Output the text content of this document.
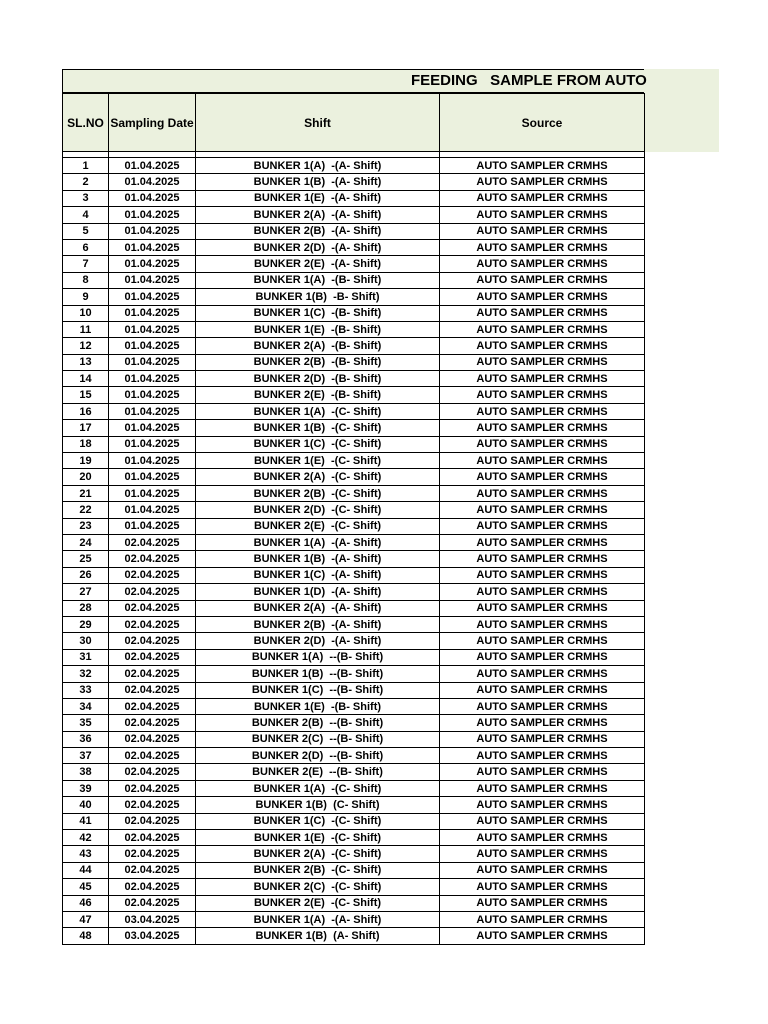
FEEDING   SAMPLE FROM AUTO
SL.NO	Sampling Date	Shift	Source

1	01.04.2025	BUNKER 1(A)  -(A- Shift)	AUTO SAMPLER CRMHS
2	01.04.2025	BUNKER 1(B)  -(A- Shift)	AUTO SAMPLER CRMHS
3	01.04.2025	BUNKER 1(E)  -(A- Shift)	AUTO SAMPLER CRMHS
4	01.04.2025	BUNKER 2(A)  -(A- Shift)	AUTO SAMPLER CRMHS
5	01.04.2025	BUNKER 2(B)  -(A- Shift)	AUTO SAMPLER CRMHS
6	01.04.2025	BUNKER 2(D)  -(A- Shift)	AUTO SAMPLER CRMHS
7	01.04.2025	BUNKER 2(E)  -(A- Shift)	AUTO SAMPLER CRMHS
8	01.04.2025	BUNKER 1(A)  -(B- Shift)	AUTO SAMPLER CRMHS
9	01.04.2025	BUNKER 1(B)  -B- Shift)	AUTO SAMPLER CRMHS
10	01.04.2025	BUNKER 1(C)  -(B- Shift)	AUTO SAMPLER CRMHS
11	01.04.2025	BUNKER 1(E)  -(B- Shift)	AUTO SAMPLER CRMHS
12	01.04.2025	BUNKER 2(A)  -(B- Shift)	AUTO SAMPLER CRMHS
13	01.04.2025	BUNKER 2(B)  -(B- Shift)	AUTO SAMPLER CRMHS
14	01.04.2025	BUNKER 2(D)  -(B- Shift)	AUTO SAMPLER CRMHS
15	01.04.2025	BUNKER 2(E)  -(B- Shift)	AUTO SAMPLER CRMHS
16	01.04.2025	BUNKER 1(A)  -(C- Shift)	AUTO SAMPLER CRMHS
17	01.04.2025	BUNKER 1(B)  -(C- Shift)	AUTO SAMPLER CRMHS
18	01.04.2025	BUNKER 1(C)  -(C- Shift)	AUTO SAMPLER CRMHS
19	01.04.2025	BUNKER 1(E)  -(C- Shift)	AUTO SAMPLER CRMHS
20	01.04.2025	BUNKER 2(A)  -(C- Shift)	AUTO SAMPLER CRMHS
21	01.04.2025	BUNKER 2(B)  -(C- Shift)	AUTO SAMPLER CRMHS
22	01.04.2025	BUNKER 2(D)  -(C- Shift)	AUTO SAMPLER CRMHS
23	01.04.2025	BUNKER 2(E)  -(C- Shift)	AUTO SAMPLER CRMHS
24	02.04.2025	BUNKER 1(A)  -(A- Shift)	AUTO SAMPLER CRMHS
25	02.04.2025	BUNKER 1(B)  -(A- Shift)	AUTO SAMPLER CRMHS
26	02.04.2025	BUNKER 1(C)  -(A- Shift)	AUTO SAMPLER CRMHS
27	02.04.2025	BUNKER 1(D)  -(A- Shift)	AUTO SAMPLER CRMHS
28	02.04.2025	BUNKER 2(A)  -(A- Shift)	AUTO SAMPLER CRMHS
29	02.04.2025	BUNKER 2(B)  -(A- Shift)	AUTO SAMPLER CRMHS
30	02.04.2025	BUNKER 2(D)  -(A- Shift)	AUTO SAMPLER CRMHS
31	02.04.2025	BUNKER 1(A)  --(B- Shift)	AUTO SAMPLER CRMHS
32	02.04.2025	BUNKER 1(B)  --(B- Shift)	AUTO SAMPLER CRMHS
33	02.04.2025	BUNKER 1(C)  --(B- Shift)	AUTO SAMPLER CRMHS
34	02.04.2025	BUNKER 1(E)  -(B- Shift)	AUTO SAMPLER CRMHS
35	02.04.2025	BUNKER 2(B)  --(B- Shift)	AUTO SAMPLER CRMHS
36	02.04.2025	BUNKER 2(C)  --(B- Shift)	AUTO SAMPLER CRMHS
37	02.04.2025	BUNKER 2(D)  --(B- Shift)	AUTO SAMPLER CRMHS
38	02.04.2025	BUNKER 2(E)  --(B- Shift)	AUTO SAMPLER CRMHS
39	02.04.2025	BUNKER 1(A)  -(C- Shift)	AUTO SAMPLER CRMHS
40	02.04.2025	BUNKER 1(B)  (C- Shift)	AUTO SAMPLER CRMHS
41	02.04.2025	BUNKER 1(C)  -(C- Shift)	AUTO SAMPLER CRMHS
42	02.04.2025	BUNKER 1(E)  -(C- Shift)	AUTO SAMPLER CRMHS
43	02.04.2025	BUNKER 2(A)  -(C- Shift)	AUTO SAMPLER CRMHS
44	02.04.2025	BUNKER 2(B)  -(C- Shift)	AUTO SAMPLER CRMHS
45	02.04.2025	BUNKER 2(C)  -(C- Shift)	AUTO SAMPLER CRMHS
46	02.04.2025	BUNKER 2(E)  -(C- Shift)	AUTO SAMPLER CRMHS
47	03.04.2025	BUNKER 1(A)  -(A- Shift)	AUTO SAMPLER CRMHS
48	03.04.2025	BUNKER 1(B)  (A- Shift)	AUTO SAMPLER CRMHS
